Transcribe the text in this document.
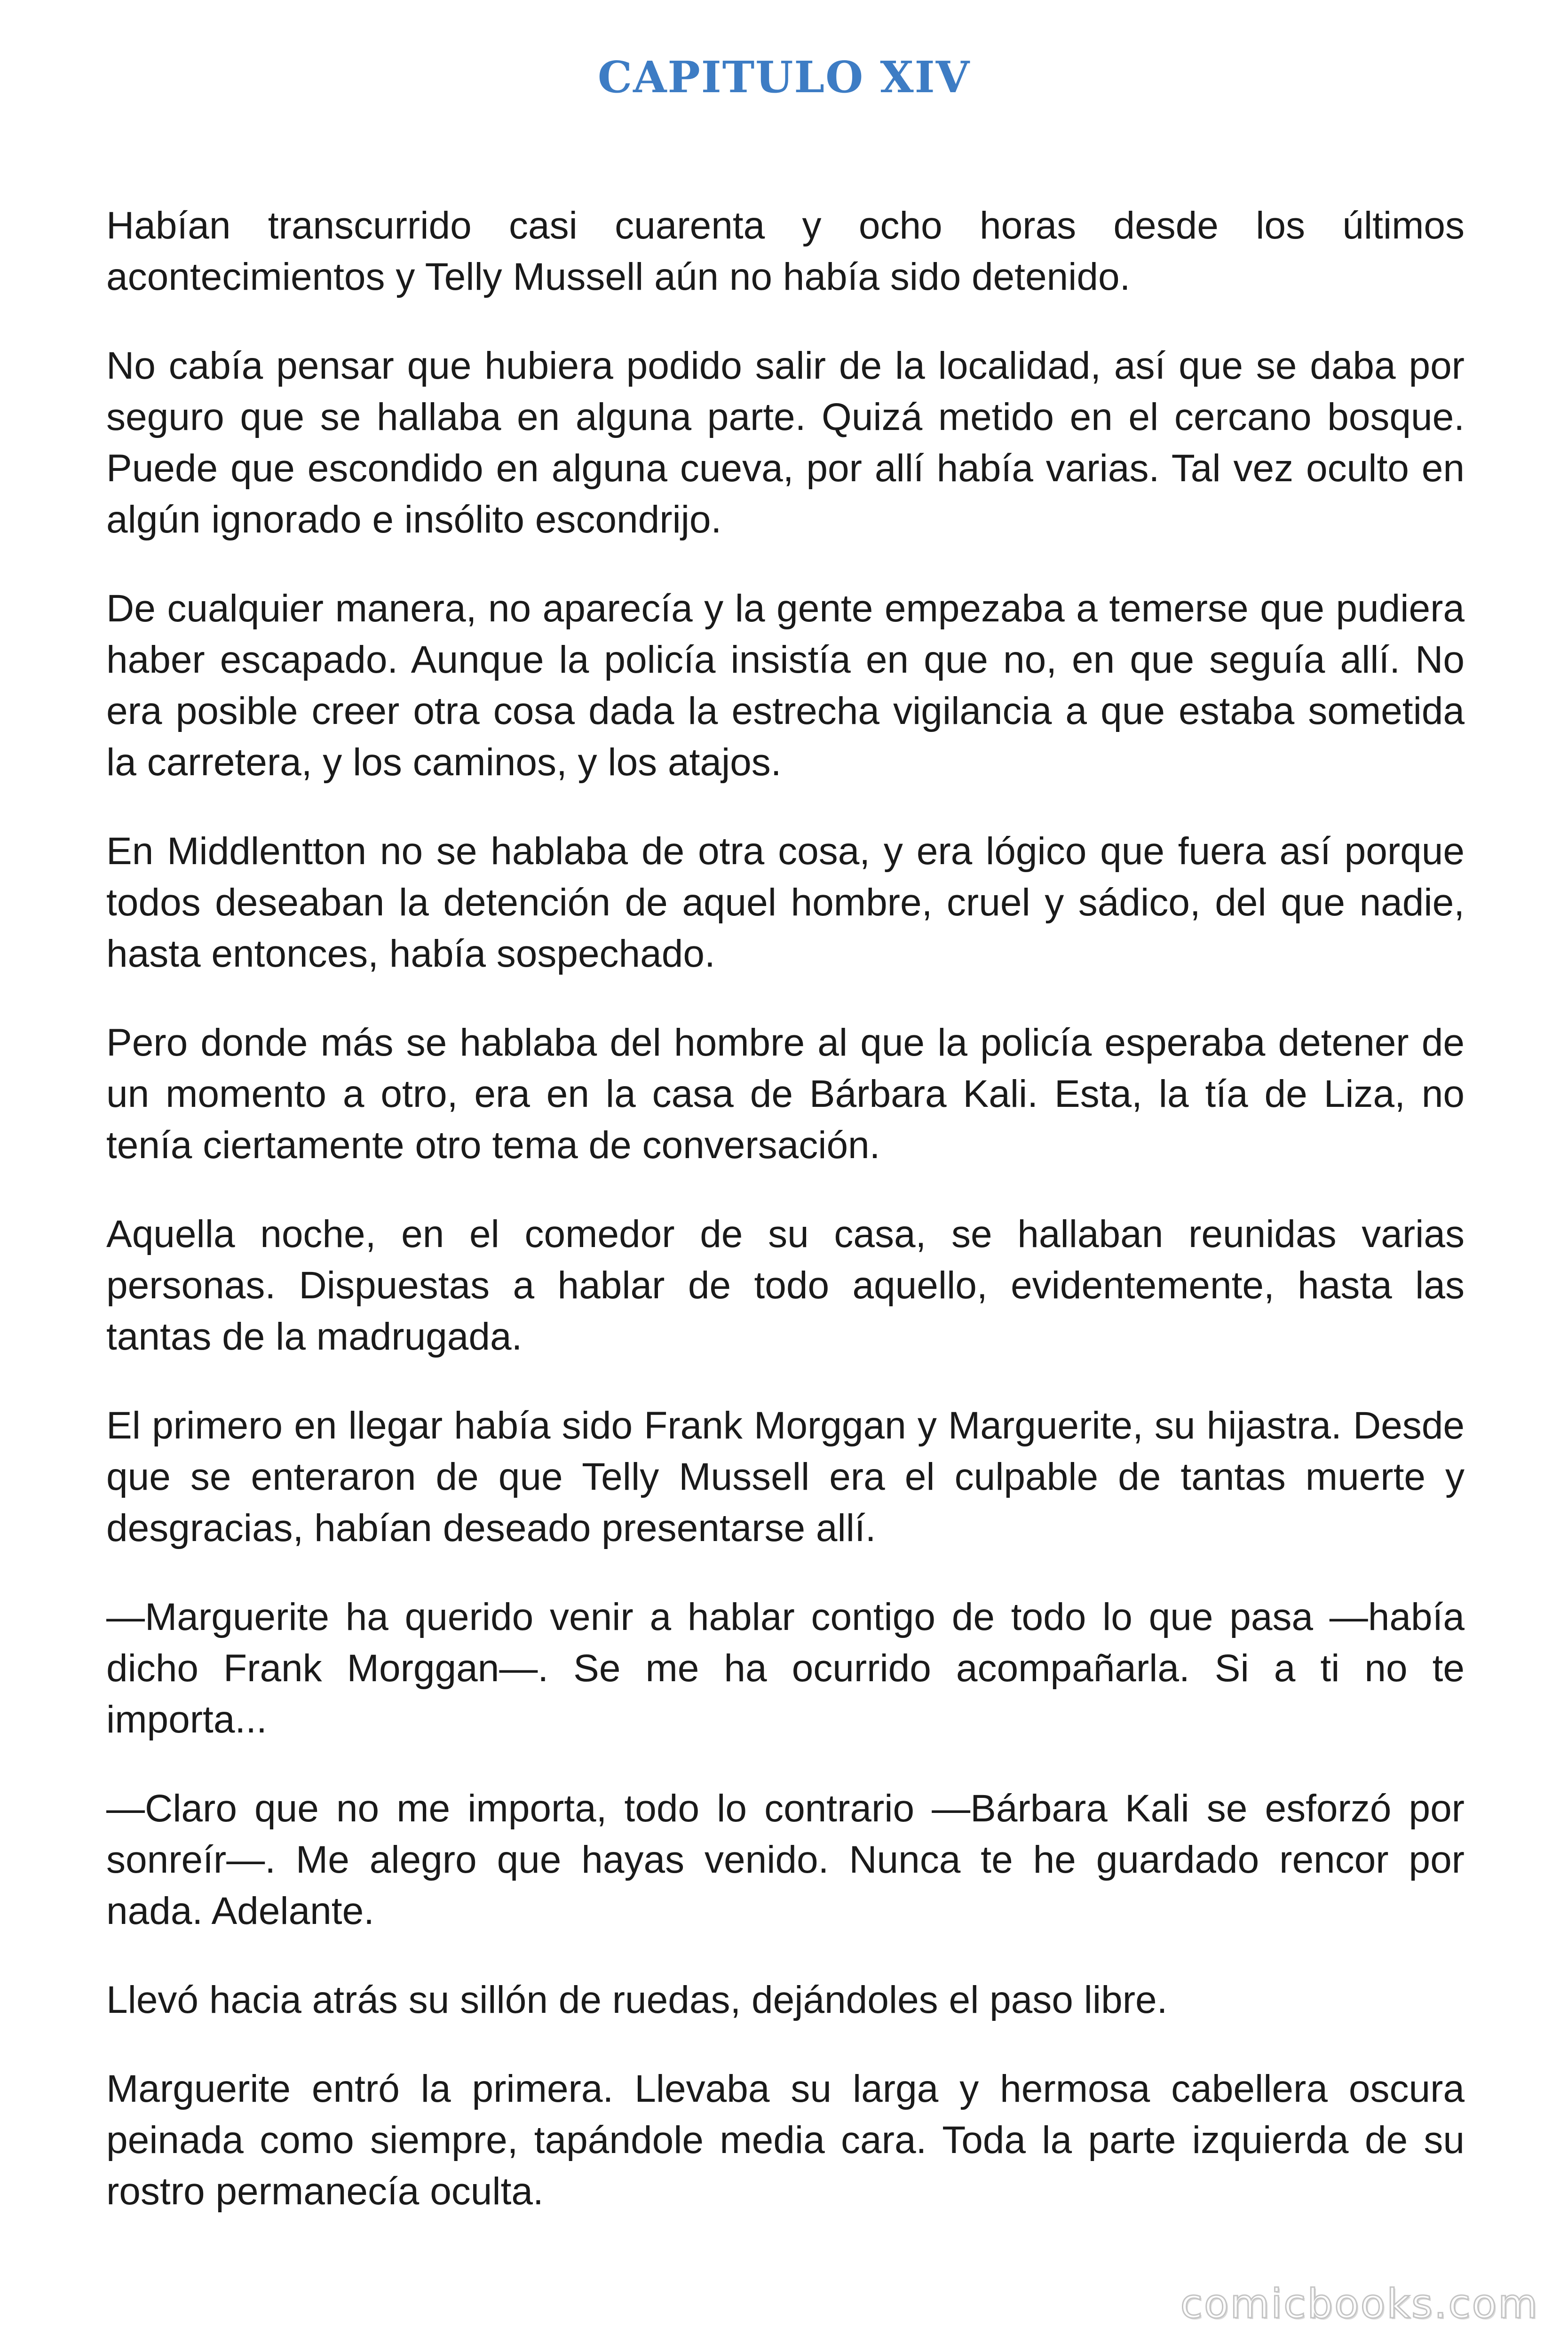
CAPITULO XIV

Habían transcurrido casi cuarenta y ocho horas desde los últimos acontecimientos y Telly Mussell aún no había sido detenido.

No cabía pensar que hubiera podido salir de la localidad, así que se daba por seguro que se hallaba en alguna parte. Quizá metido en el cercano bosque. Puede que escondido en alguna cueva, por allí había varias. Tal vez oculto en algún ignorado e insólito escondrijo.

De cualquier manera, no aparecía y la gente empezaba a temerse que pudiera haber escapado. Aunque la policía insistía en que no, en que seguía allí. No era posible creer otra cosa dada la estrecha vigilancia a que estaba sometida la carretera, y los caminos, y los atajos.

En Middlentton no se hablaba de otra cosa, y era lógico que fuera así porque todos deseaban la detención de aquel hombre, cruel y sádico, del que nadie, hasta entonces, había sospechado.

Pero donde más se hablaba del hombre al que la policía esperaba detener de un momento a otro, era en la casa de Bárbara Kali. Esta, la tía de Liza, no tenía ciertamente otro tema de conversación.

Aquella noche, en el comedor de su casa, se hallaban reunidas varias personas. Dispuestas a hablar de todo aquello, evidentemente, hasta las tantas de la madrugada.

El primero en llegar había sido Frank Morggan y Marguerite, su hijastra. Desde que se enteraron de que Telly Mussell era el culpable de tantas muerte y desgracias, habían deseado presentarse allí.

—Marguerite ha querido venir a hablar contigo de todo lo que pasa —había dicho Frank Morggan—. Se me ha ocurrido acompañarla. Si a ti no te importa...

—Claro que no me importa, todo lo contrario —Bárbara Kali se esforzó por sonreír—. Me alegro que hayas venido. Nunca te he guardado rencor por nada. Adelante.

Llevó hacia atrás su sillón de ruedas, dejándoles el paso libre.

Marguerite entró la primera. Llevaba su larga y hermosa cabellera oscura peinada como siempre, tapándole media cara. Toda la parte izquierda de su rostro permanecía oculta.

comicbooks.com
